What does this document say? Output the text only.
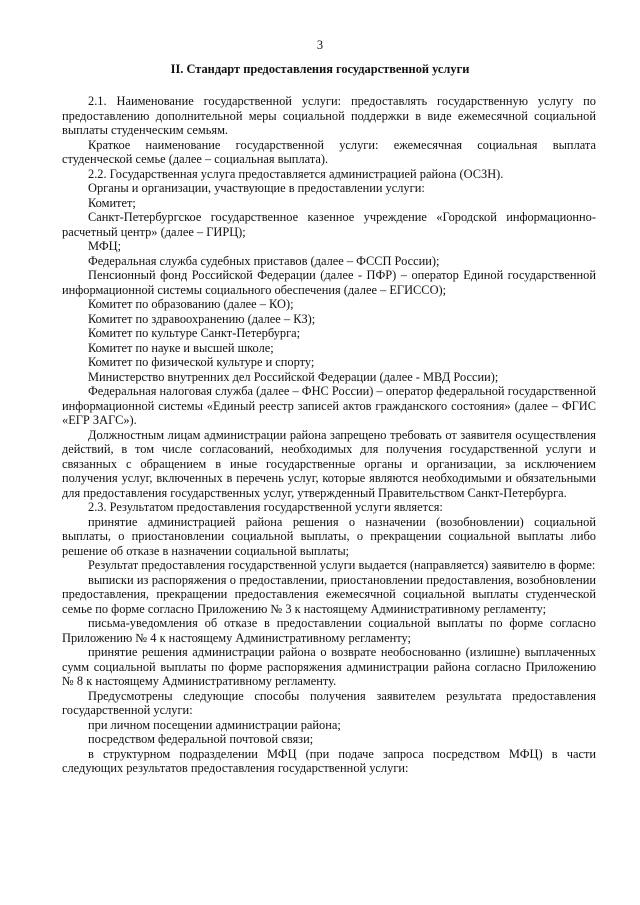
3
II. Стандарт предоставления государственной услуги

2.1. Наименование государственной услуги: предоставлять государственную услугу по предоставлению дополнительной меры социальной поддержки в виде ежемесячной социальной выплаты студенческим семьям.

Краткое наименование государственной услуги: ежемесячная социальная выплата студенческой семье (далее – социальная выплата).

2.2. Государственная услуга предоставляется администрацией района (ОСЗН).

Органы и организации, участвующие в предоставлении услуги:

Комитет;

Санкт-Петербургское государственное казенное учреждение «Городской информационно-расчетный центр» (далее – ГИРЦ);

МФЦ;

Федеральная служба судебных приставов (далее – ФССП России);

Пенсионный фонд Российской Федерации (далее - ПФР) – оператор Единой государственной информационной системы социального обеспечения (далее – ЕГИССО);

Комитет по образованию (далее – КО);

Комитет по здравоохранению (далее – КЗ);

Комитет по культуре Санкт-Петербурга;

Комитет по науке и высшей школе;

Комитет по физической культуре и спорту;

Министерство внутренних дел Российской Федерации (далее - МВД России);

Федеральная налоговая служба (далее – ФНС России) – оператор федеральной государственной информационной системы «Единый реестр записей актов гражданского состояния» (далее – ФГИС «ЕГР ЗАГС»).

Должностным лицам администрации района запрещено требовать от заявителя осуществления действий, в том числе согласований, необходимых для получения государственной услуги и связанных с обращением в иные государственные органы и организации, за исключением получения услуг, включенных в перечень услуг, которые являются необходимыми и обязательными для предоставления государственных услуг, утвержденный Правительством Санкт-Петербурга.

2.3. Результатом предоставления государственной услуги является:

принятие администрацией района решения о назначении (возобновлении) социальной выплаты, о приостановлении социальной выплаты, о прекращении социальной выплаты либо решение об отказе в назначении социальной выплаты;

Результат предоставления государственной услуги выдается (направляется) заявителю в форме:

выписки из распоряжения о предоставлении, приостановлении предоставления, возобновлении предоставления, прекращении предоставления ежемесячной социальной выплаты студенческой семье по форме согласно Приложению № 3 к настоящему Административному регламенту;

письма-уведомления об отказе в предоставлении социальной выплаты по форме согласно Приложению № 4 к настоящему Административному регламенту;

принятие решения администрации района о возврате необоснованно (излишне) выплаченных сумм социальной выплаты по форме распоряжения администрации района согласно Приложению № 8 к настоящему Административному регламенту.

Предусмотрены следующие способы получения заявителем результата предоставления государственной услуги:

при личном посещении администрации района;

посредством федеральной почтовой связи;

в структурном подразделении МФЦ (при подаче запроса посредством МФЦ) в части следующих результатов предоставления государственной услуги:
